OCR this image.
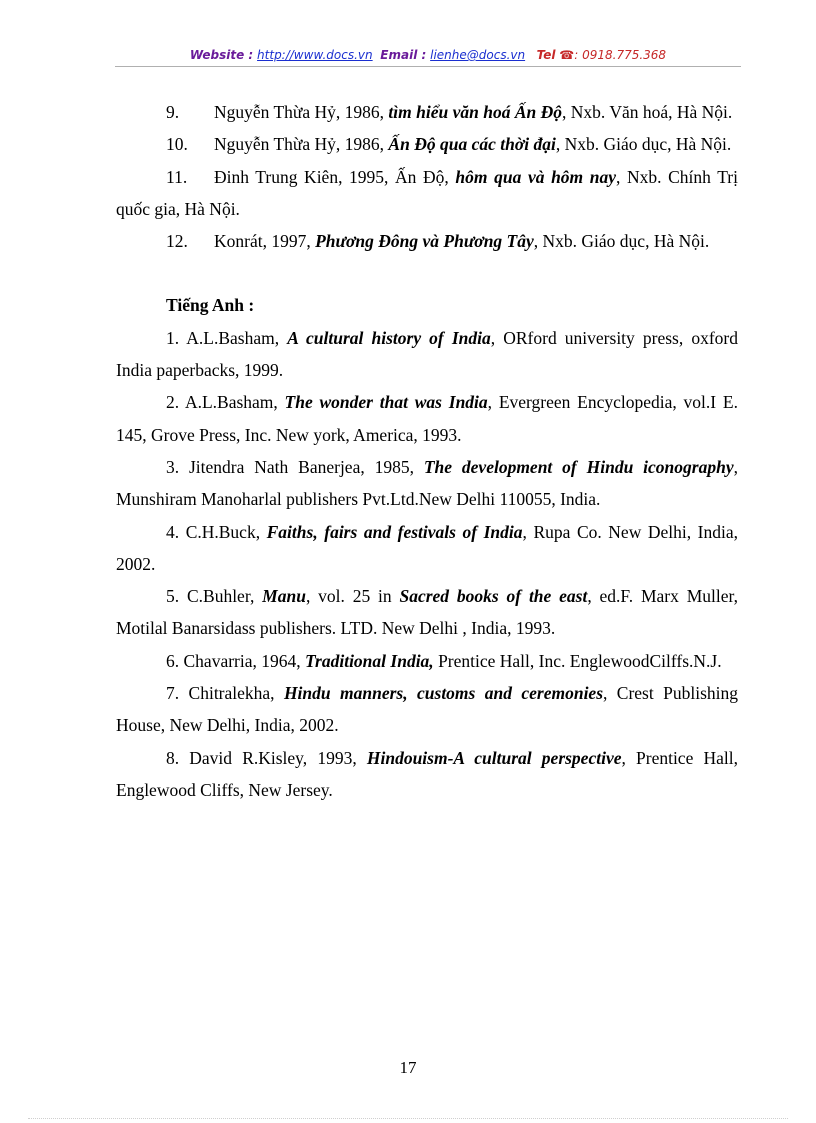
Website : http://www.docs.vn Email : lienhe@docs.vn Tel ☎: 0918.775.368

9. Nguyễn Thừa Hỷ, 1986, tìm hiểu văn hoá Ấn Độ, Nxb. Văn hoá, Hà Nội.

10. Nguyễn Thừa Hỷ, 1986, Ấn Độ qua các thời đại, Nxb. Giáo dục, Hà Nội.

11. Đinh Trung Kiên, 1995, Ấn Độ, hôm qua và hôm nay, Nxb. Chính Trị quốc gia, Hà Nội.

12. Konrát, 1997, Phương Đông và Phương Tây, Nxb. Giáo dục, Hà Nội.

Tiếng Anh :

1. A.L.Basham, A cultural history of India, ORford university press, oxford India paperbacks, 1999.

2. A.L.Basham, The wonder that was India, Evergreen Encyclopedia, vol.I E. 145, Grove Press, Inc. New york, America, 1993.

3. Jitendra Nath Banerjea, 1985, The development of Hindu iconography, Munshiram Manoharlal publishers Pvt.Ltd.New Delhi 110055, India.

4. C.H.Buck, Faiths, fairs and festivals of India, Rupa Co. New Delhi, India, 2002.

5. C.Buhler, Manu, vol. 25 in Sacred books of the east, ed.F. Marx Muller, Motilal Banarsidass publishers. LTD. New Delhi , India, 1993.

6. Chavarria, 1964, Traditional India, Prentice Hall, Inc. EnglewoodCilffs.N.J.

7. Chitralekha, Hindu manners, customs and ceremonies, Crest Publishing House, New Delhi, India, 2002.

8. David R.Kisley, 1993, Hindouism-A cultural perspective, Prentice Hall, Englewood Cliffs, New Jersey.

17
